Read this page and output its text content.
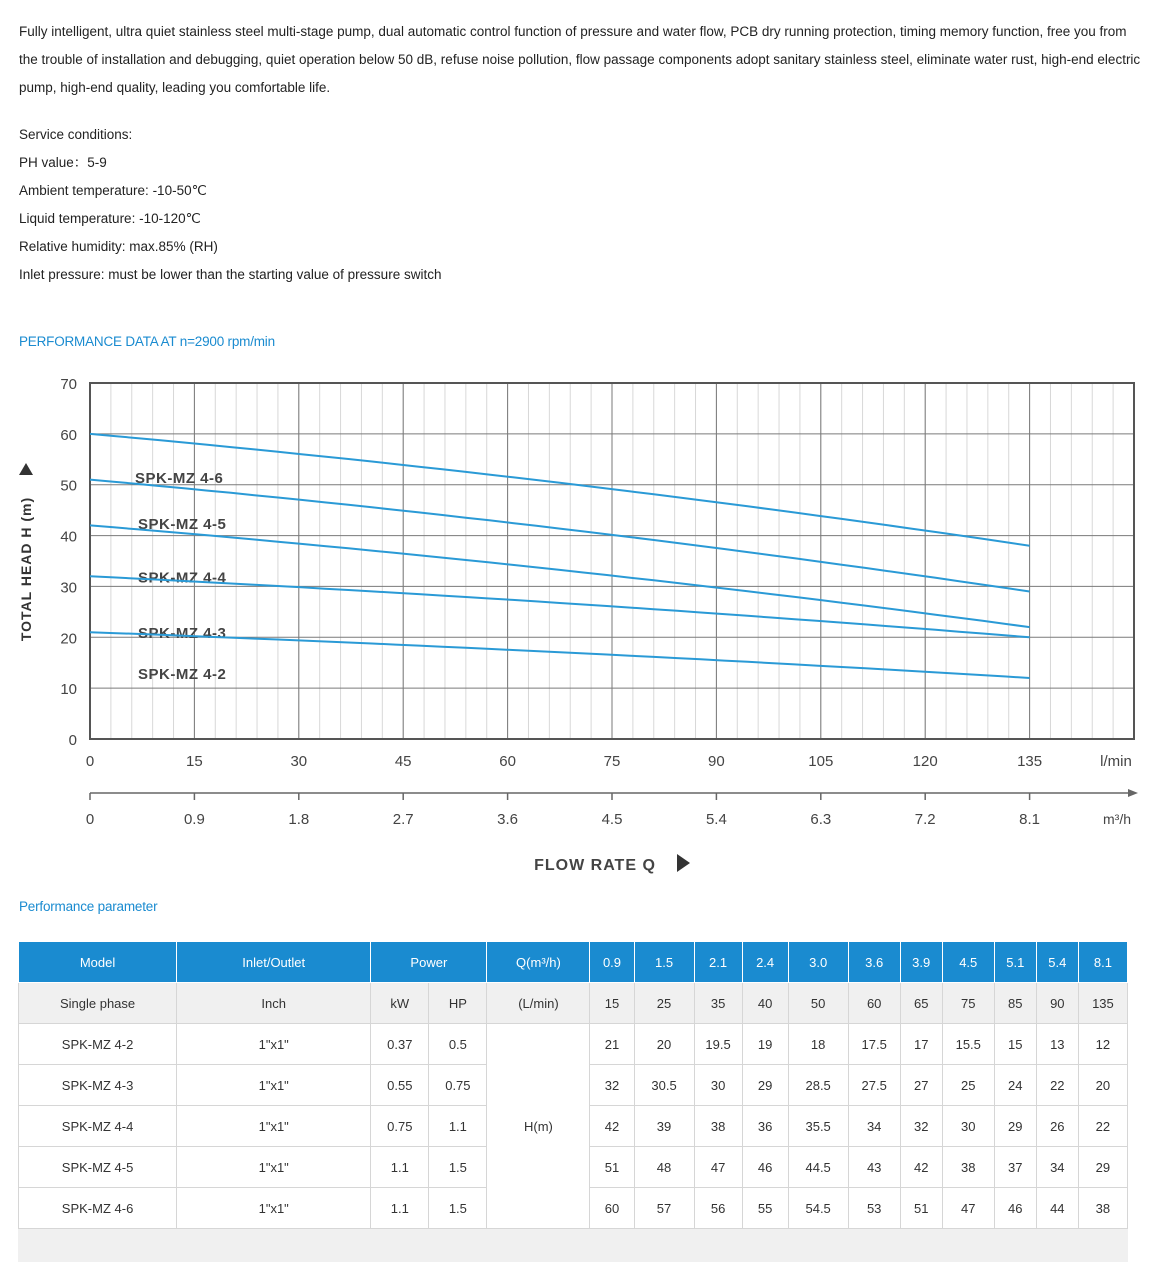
Fully intelligent, ultra quiet stainless steel multi-stage pump, dual automatic control function of pressure and water flow, PCB dry running protection, timing memory function, free you from the trouble of installation and debugging, quiet operation below 50 dB, refuse noise pollution, flow passage components adopt sanitary stainless steel, eliminate water rust, high-end electric pump, high-end quality, leading you comfortable life.
Service conditions:
PH value：5-9
Ambient temperature: -10-50℃
Liquid temperature: -10-120℃
Relative humidity: max.85% (RH)
Inlet pressure: must be lower than the starting value of pressure switch
PERFORMANCE DATA AT n=2900 rpm/min
0
10
20
30
40
50
60
70
TOTAL HEAD H (m)
0	15	30	45	60	75	90	105	120	135	l/min
0	0.9	1.8	2.7	3.6	4.5	5.4	6.3	7.2	8.1	m³/h
FLOW RATE Q
SPK-MZ 4-6
SPK-MZ 4-5
SPK-MZ 4-4
SPK-MZ 4-3
SPK-MZ 4-2
Performance parameter
Model	Inlet/Outlet	Power		Q(m³/h)	0.9	1.5	2.1	2.4	3.0	3.6	3.9	4.5	5.1	5.4	8.1
Single phase	Inch	kW	HP	(L/min)	15	25	35	40	50	60	65	75	85	90	135
SPK-MZ 4-2	1"x1"	0.37	0.5	H(m)	21	20	19.5	19	18	17.5	17	15.5	15	13	12
SPK-MZ 4-3	1"x1"	0.55	0.75		32	30.5	30	29	28.5	27.5	27	25	24	22	20
SPK-MZ 4-4	1"x1"	0.75	1.1		42	39	38	36	35.5	34	32	30	29	26	22
SPK-MZ 4-5	1"x1"	1.1	1.5		51	48	47	46	44.5	43	42	38	37	34	29
SPK-MZ 4-6	1"x1"	1.1	1.5		60	57	56	55	54.5	53	51	47	46	44	38
